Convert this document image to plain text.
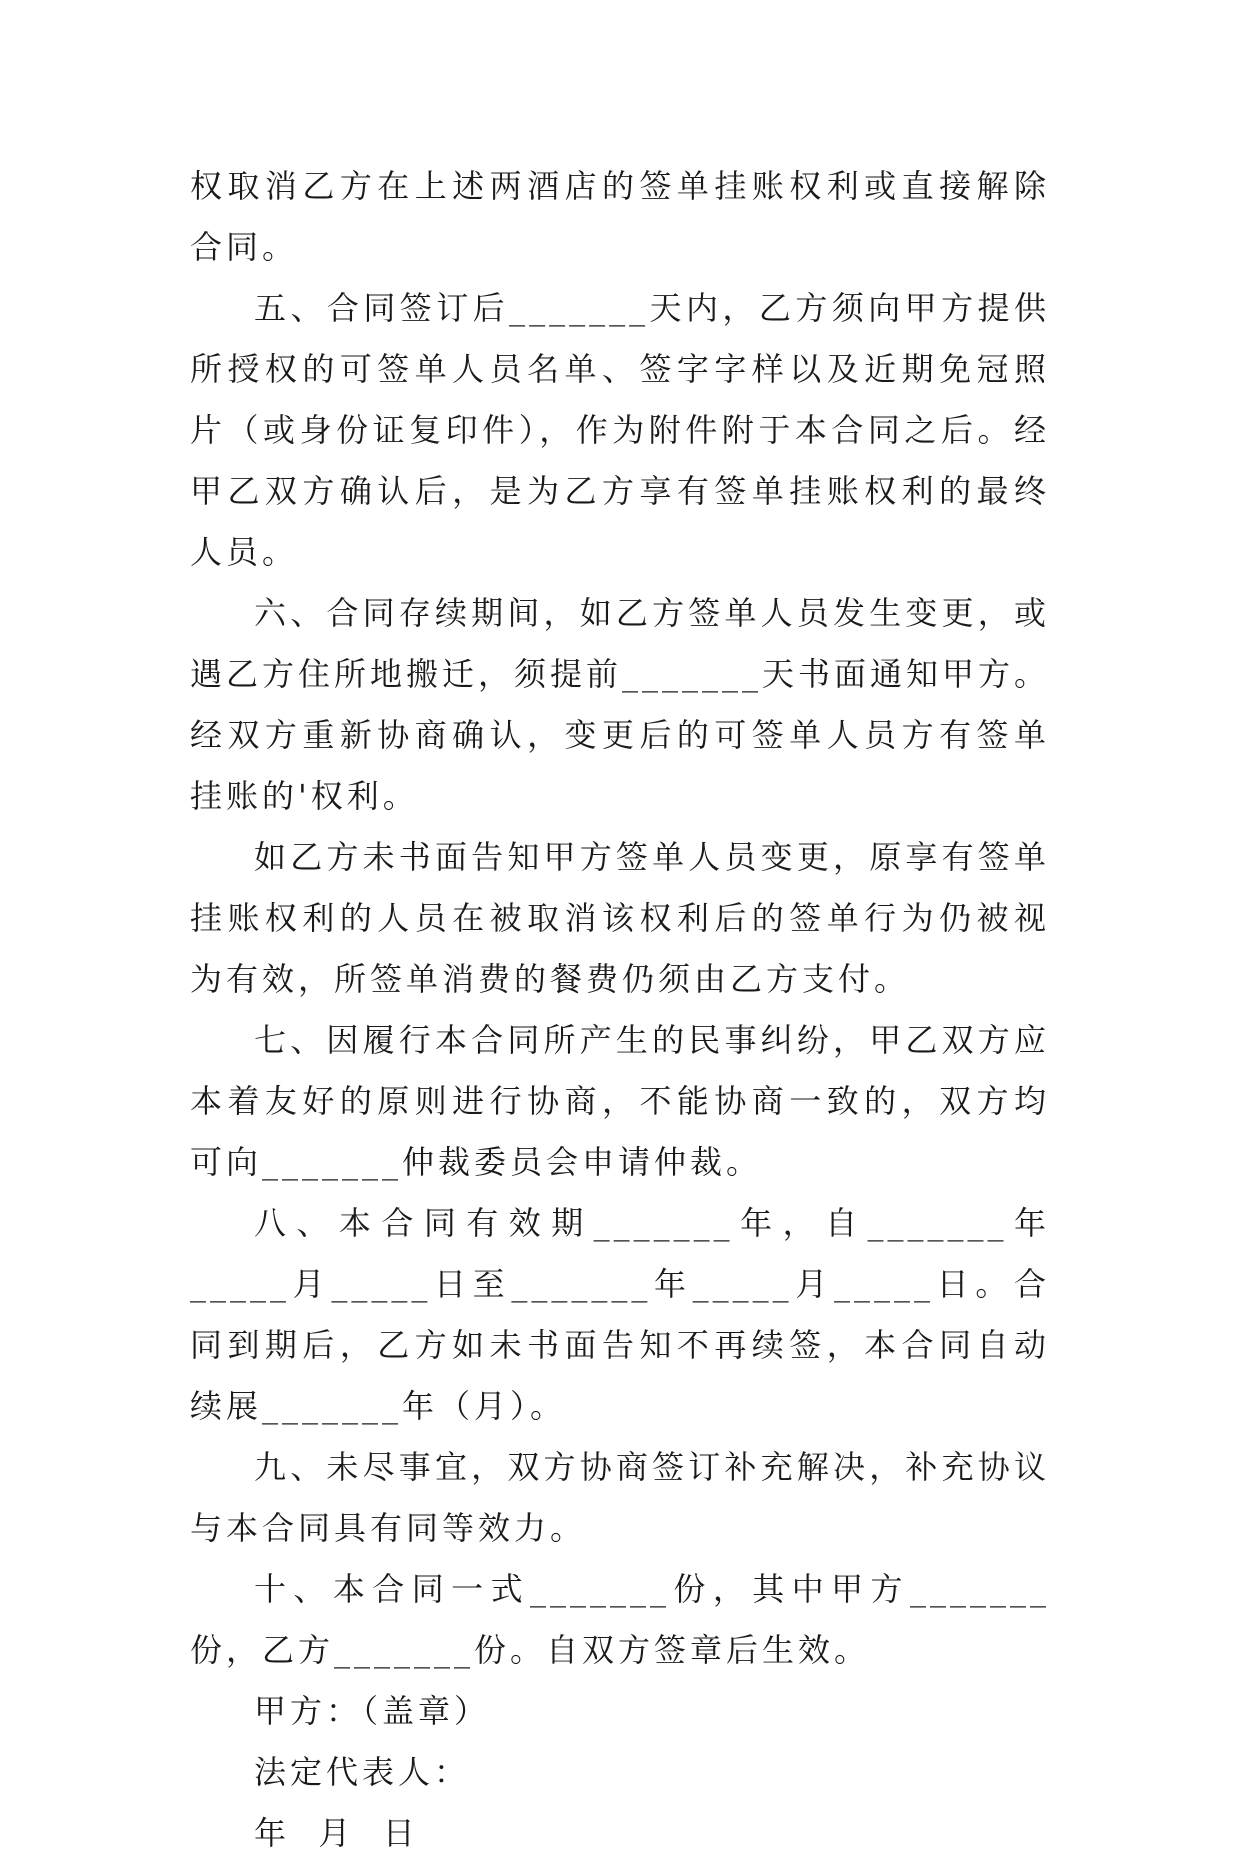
权取消乙方在上述两酒店的签单挂账权利或直接解除合同。

五、合同签订后_______天内，乙方须向甲方提供所授权的可签单人员名单、签字字样以及近期免冠照片（或身份证复印件），作为附件附于本合同之后。经甲乙双方确认后，是为乙方享有签单挂账权利的最终人员。

六、合同存续期间，如乙方签单人员发生变更，或遇乙方住所地搬迁，须提前_______天书面通知甲方。经双方重新协商确认，变更后的可签单人员方有签单挂账的'权利。

如乙方未书面告知甲方签单人员变更，原享有签单挂账权利的人员在被取消该权利后的签单行为仍被视为有效，所签单消费的餐费仍须由乙方支付。

七、因履行本合同所产生的民事纠纷，甲乙双方应本着友好的原则进行协商，不能协商一致的，双方均可向_______仲裁委员会申请仲裁。

八、本合同有效期_______年，自_______年_____月_____日至_______年_____月_____日。合同到期后，乙方如未书面告知不再续签，本合同自动续展_______年（月）。

九、未尽事宜，双方协商签订补充解决，补充协议与本合同具有同等效力。

十、本合同一式_______份，其中甲方_______份，乙方_______份。自双方签章后生效。

甲方：（盖章）

法定代表人：

年  月  日
